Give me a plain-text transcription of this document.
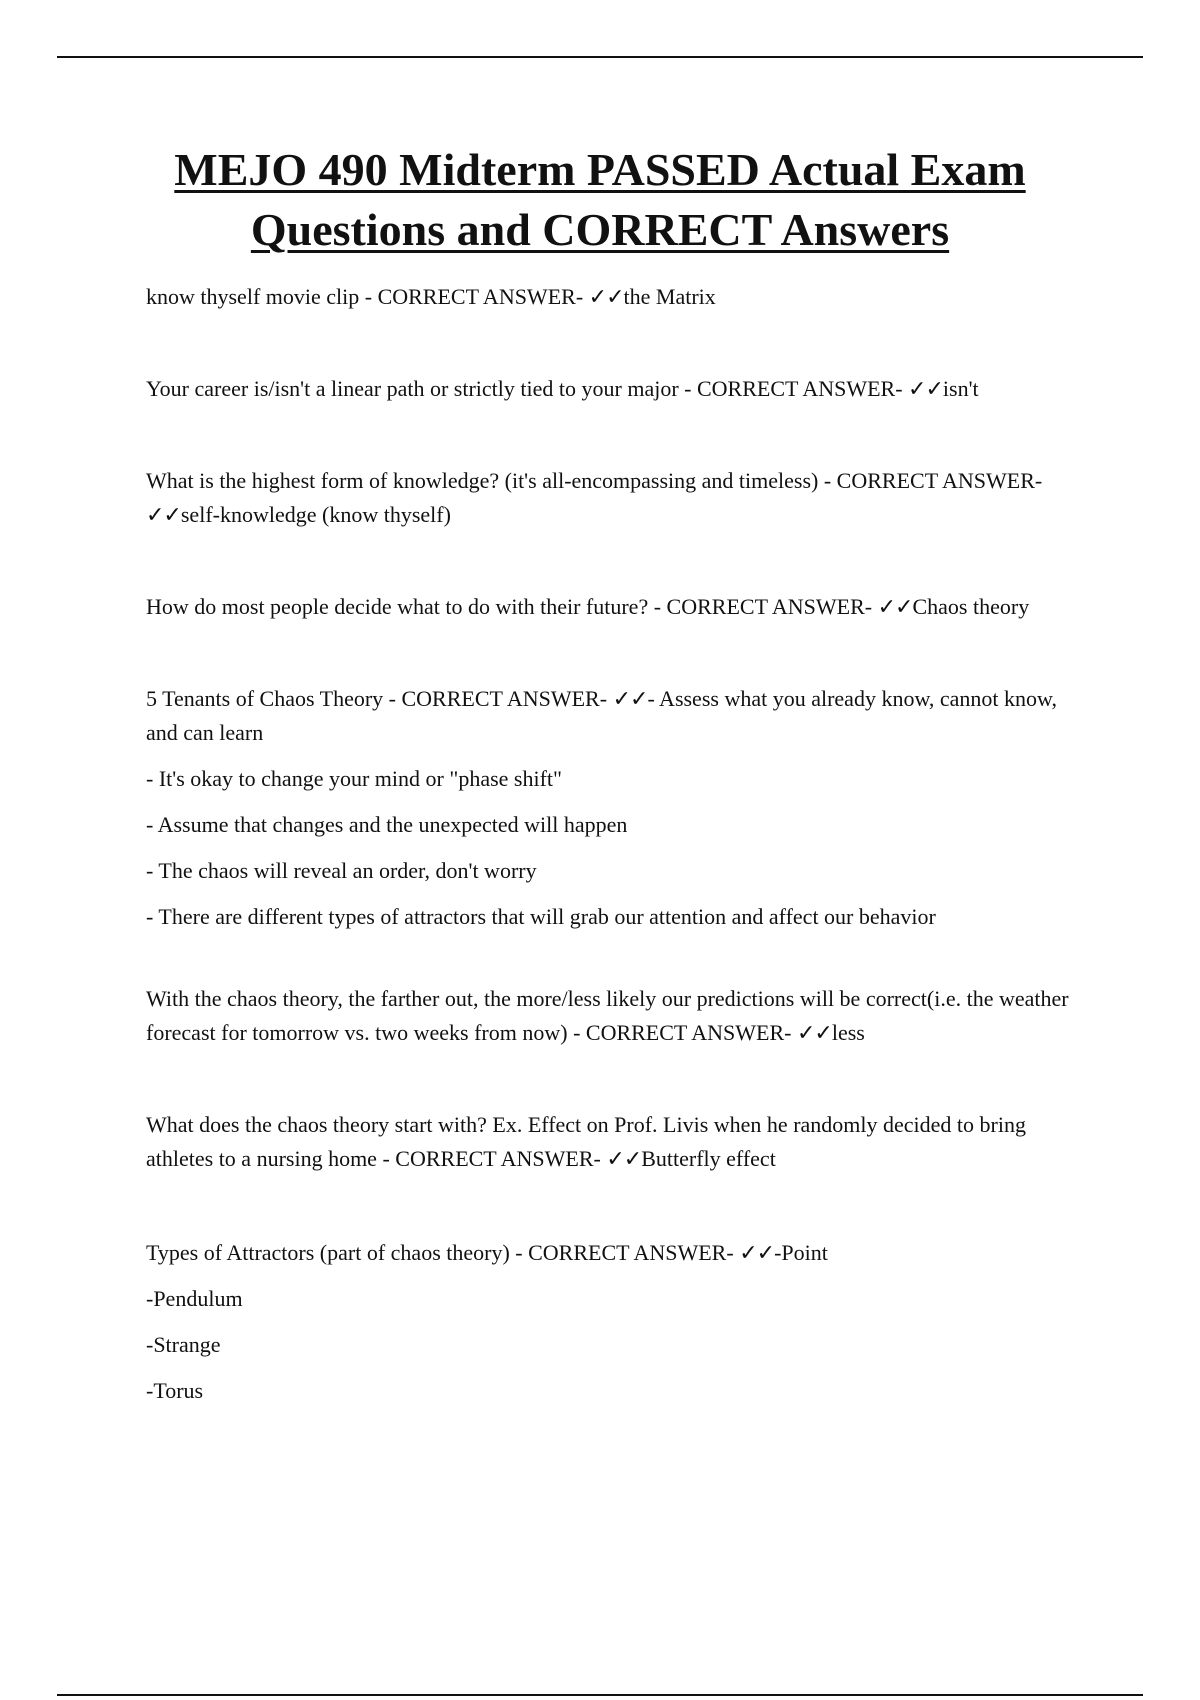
MEJO 490 Midterm PASSED Actual Exam
Questions and CORRECT Answers

know thyself movie clip - CORRECT ANSWER- ✓✓the Matrix

Your career is/isn't a linear path or strictly tied to your major - CORRECT ANSWER- ✓✓isn't

What is the highest form of knowledge? (it's all-encompassing and timeless) - CORRECT ANSWER- ✓✓self-knowledge (know thyself)

How do most people decide what to do with their future? - CORRECT ANSWER- ✓✓Chaos theory

5 Tenants of Chaos Theory - CORRECT ANSWER- ✓✓- Assess what you already know, cannot know, and can learn
- It's okay to change your mind or "phase shift"
- Assume that changes and the unexpected will happen
- The chaos will reveal an order, don't worry
- There are different types of attractors that will grab our attention and affect our behavior

With the chaos theory, the farther out, the more/less likely our predictions will be correct(i.e. the weather forecast for tomorrow vs. two weeks from now) - CORRECT ANSWER- ✓✓less

What does the chaos theory start with? Ex. Effect on Prof. Livis when he randomly decided to bring athletes to a nursing home - CORRECT ANSWER- ✓✓Butterfly effect

Types of Attractors (part of chaos theory) - CORRECT ANSWER- ✓✓-Point
-Pendulum
-Strange
-Torus
